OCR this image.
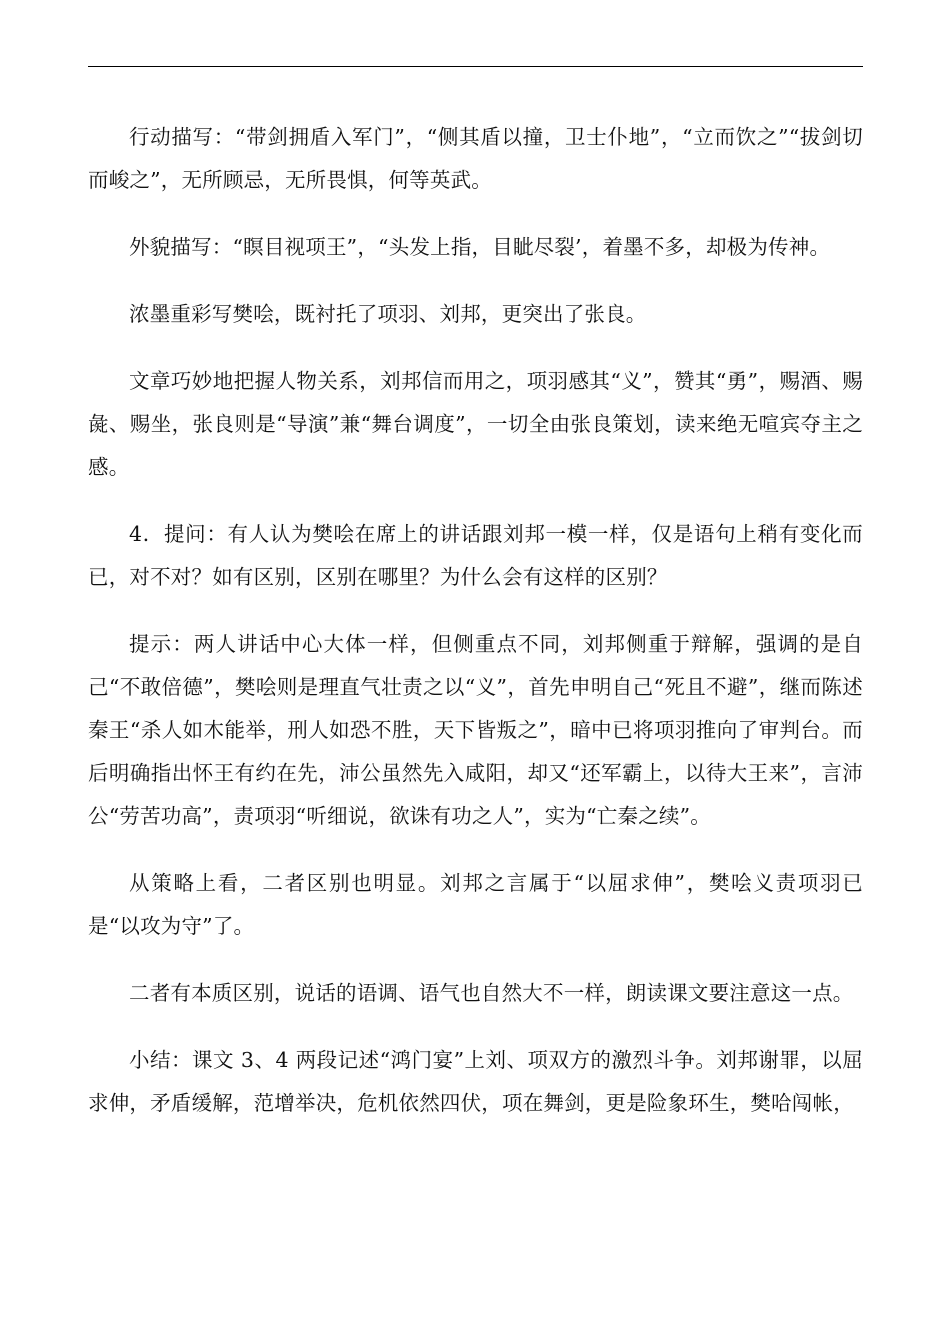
行动描写：“带剑拥盾入军门”，“侧其盾以撞，卫士仆地”，“立而饮之”“拔剑切而峻之”，无所顾忌，无所畏惧，何等英武。

外貌描写：“瞑目视项王”，“头发上指，目眦尽裂’，着墨不多，却极为传神。

浓墨重彩写樊哙，既衬托了项羽、刘邦，更突出了张良。

文章巧妙地把握人物关系，刘邦信而用之，项羽感其“义”，赞其“勇”，赐酒、赐彘、赐坐，张良则是“导演”兼“舞台调度”，一切全由张良策划，读来绝无喧宾夺主之感。

4．提问：有人认为樊哙在席上的讲话跟刘邦一模一样，仅是语句上稍有变化而已，对不对？如有区别，区别在哪里？为什么会有这样的区别？

提示：两人讲话中心大体一样，但侧重点不同，刘邦侧重于辩解，强调的是自己“不敢倍德”，樊哙则是理直气壮责之以“义”，首先申明自己“死且不避”，继而陈述秦王“杀人如木能举，刑人如恐不胜，天下皆叛之”，暗中已将项羽推向了审判台。而后明确指出怀王有约在先，沛公虽然先入咸阳，却又“还军霸上，以待大王来”，言沛公“劳苦功高”，责项羽“听细说，欲诛有功之人”，实为“亡秦之续”。

从策略上看，二者区别也明显。刘邦之言属于“以屈求伸”，樊哙义责项羽已是“以攻为守”了。

二者有本质区别，说话的语调、语气也自然大不一样，朗读课文要注意这一点。

小结：课文 3、4 两段记述“鸿门宴”上刘、项双方的激烈斗争。刘邦谢罪，以屈求伸，矛盾缓解，范增举决，危机依然四伏，项在舞剑，更是险象环生，樊哈闯帐，
